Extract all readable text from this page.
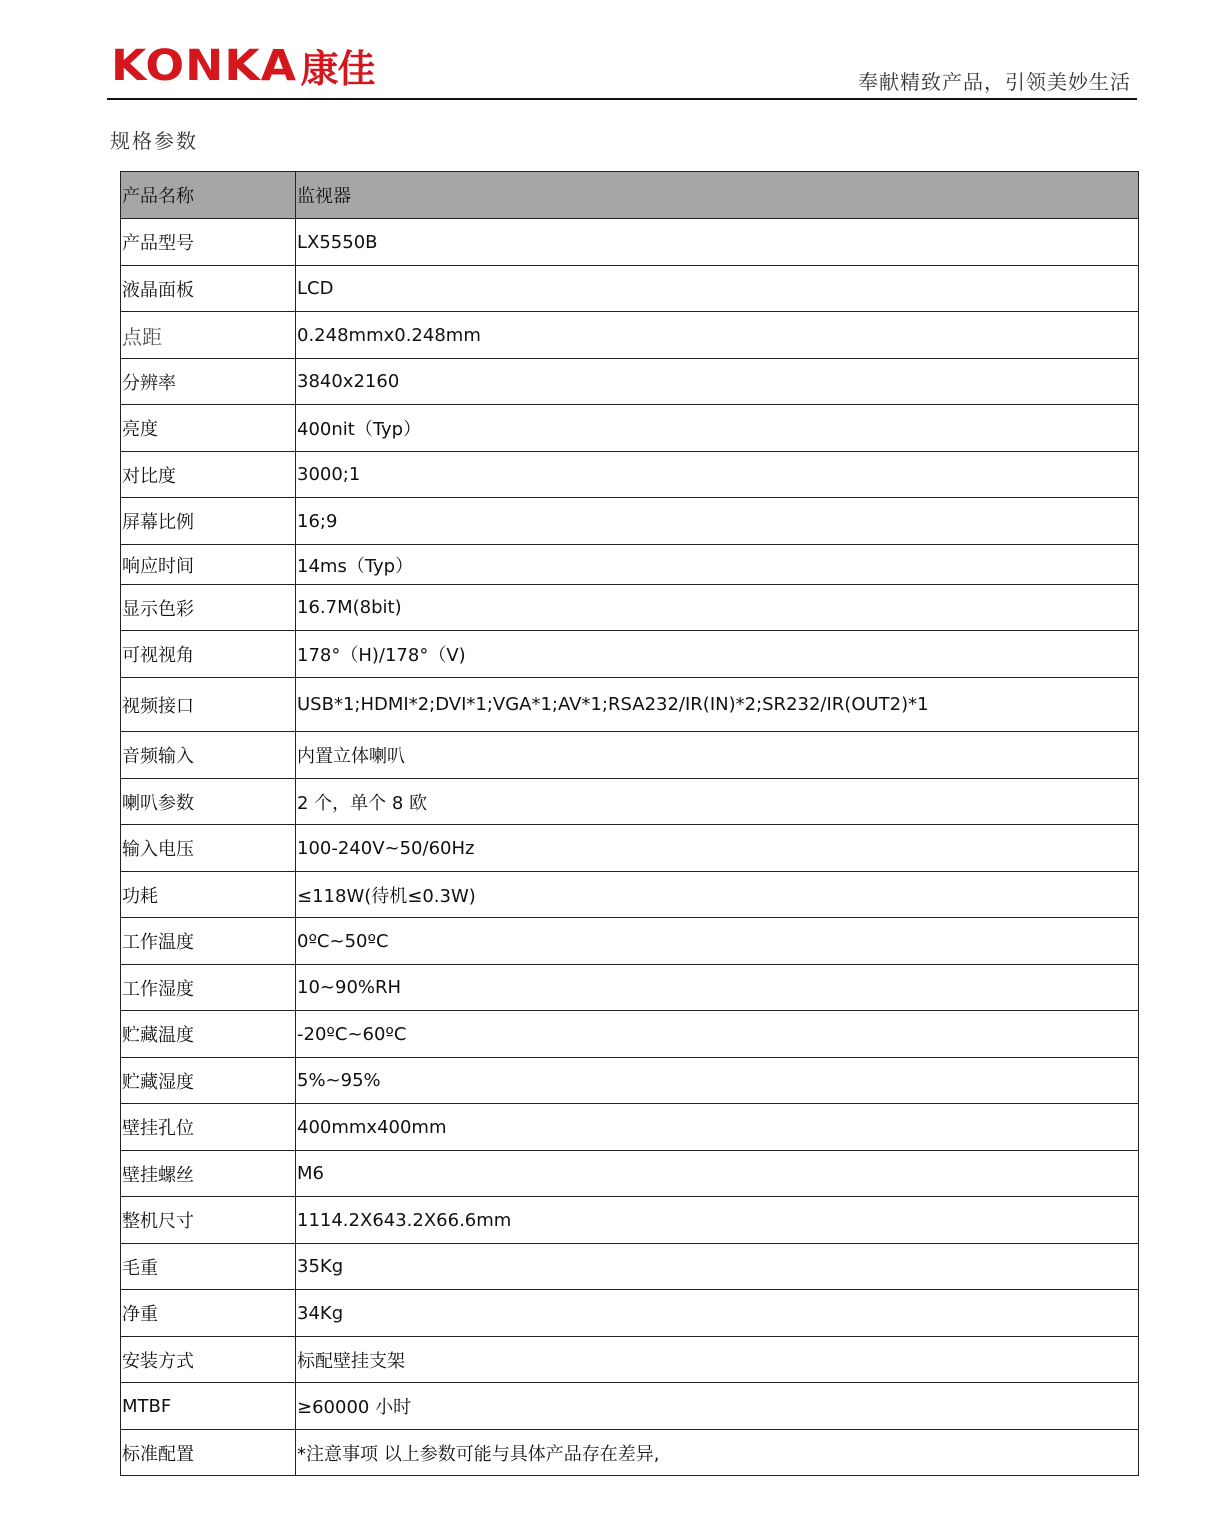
KONKA 康佳	奉献精致产品，引领美妙生活
规格参数
产品名称	监视器
产品型号	LX5550B
液晶面板	LCD
点距	0.248mmx0.248mm
分辨率	3840x2160
亮度	400nit（Typ）
对比度	3000;1
屏幕比例	16;9
响应时间	14ms（Typ）
显示色彩	16.7M(8bit)
可视视角	178°（H)/178°（V)
视频接口	USB*1;HDMI*2;DVI*1;VGA*1;AV*1;RSA232/IR(IN)*2;SR232/IR(OUT2)*1
音频输入	内置立体喇叭
喇叭参数	2 个，单个 8 欧
输入电压	100-240V~50/60Hz
功耗	≤118W(待机≤0.3W)
工作温度	0ºC~50ºC
工作湿度	10~90%RH
贮藏温度	-20ºC~60ºC
贮藏湿度	5%~95%
壁挂孔位	400mmx400mm
壁挂螺丝	M6
整机尺寸	1114.2X643.2X66.6mm
毛重	35Kg
净重	34Kg
安装方式	标配壁挂支架
MTBF	≥60000 小时
标准配置	*注意事项 以上参数可能与具体产品存在差异,
